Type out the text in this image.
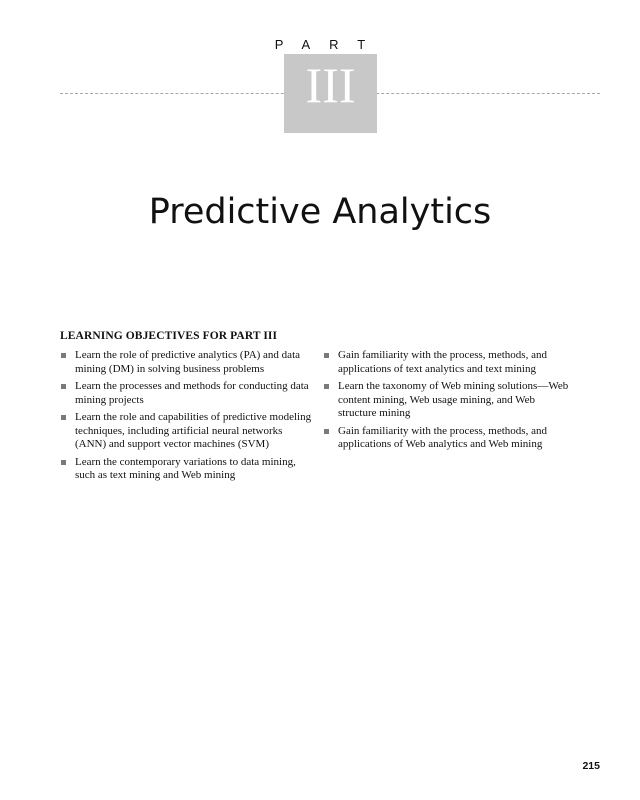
PART
III
Predictive Analytics
LEARNING OBJECTIVES FOR PART III
Learn the role of predictive analytics (PA) and data mining (DM) in solving business problems
Learn the processes and methods for conducting data mining projects
Learn the role and capabilities of predictive modeling techniques, including artificial neural networks (ANN) and support vector machines (SVM)
Learn the contemporary variations to data mining, such as text mining and Web mining
Gain familiarity with the process, methods, and applications of text analytics and text mining
Learn the taxonomy of Web mining solutions—Web content mining, Web usage mining, and Web structure mining
Gain familiarity with the process, methods, and applications of Web analytics and Web mining
215
